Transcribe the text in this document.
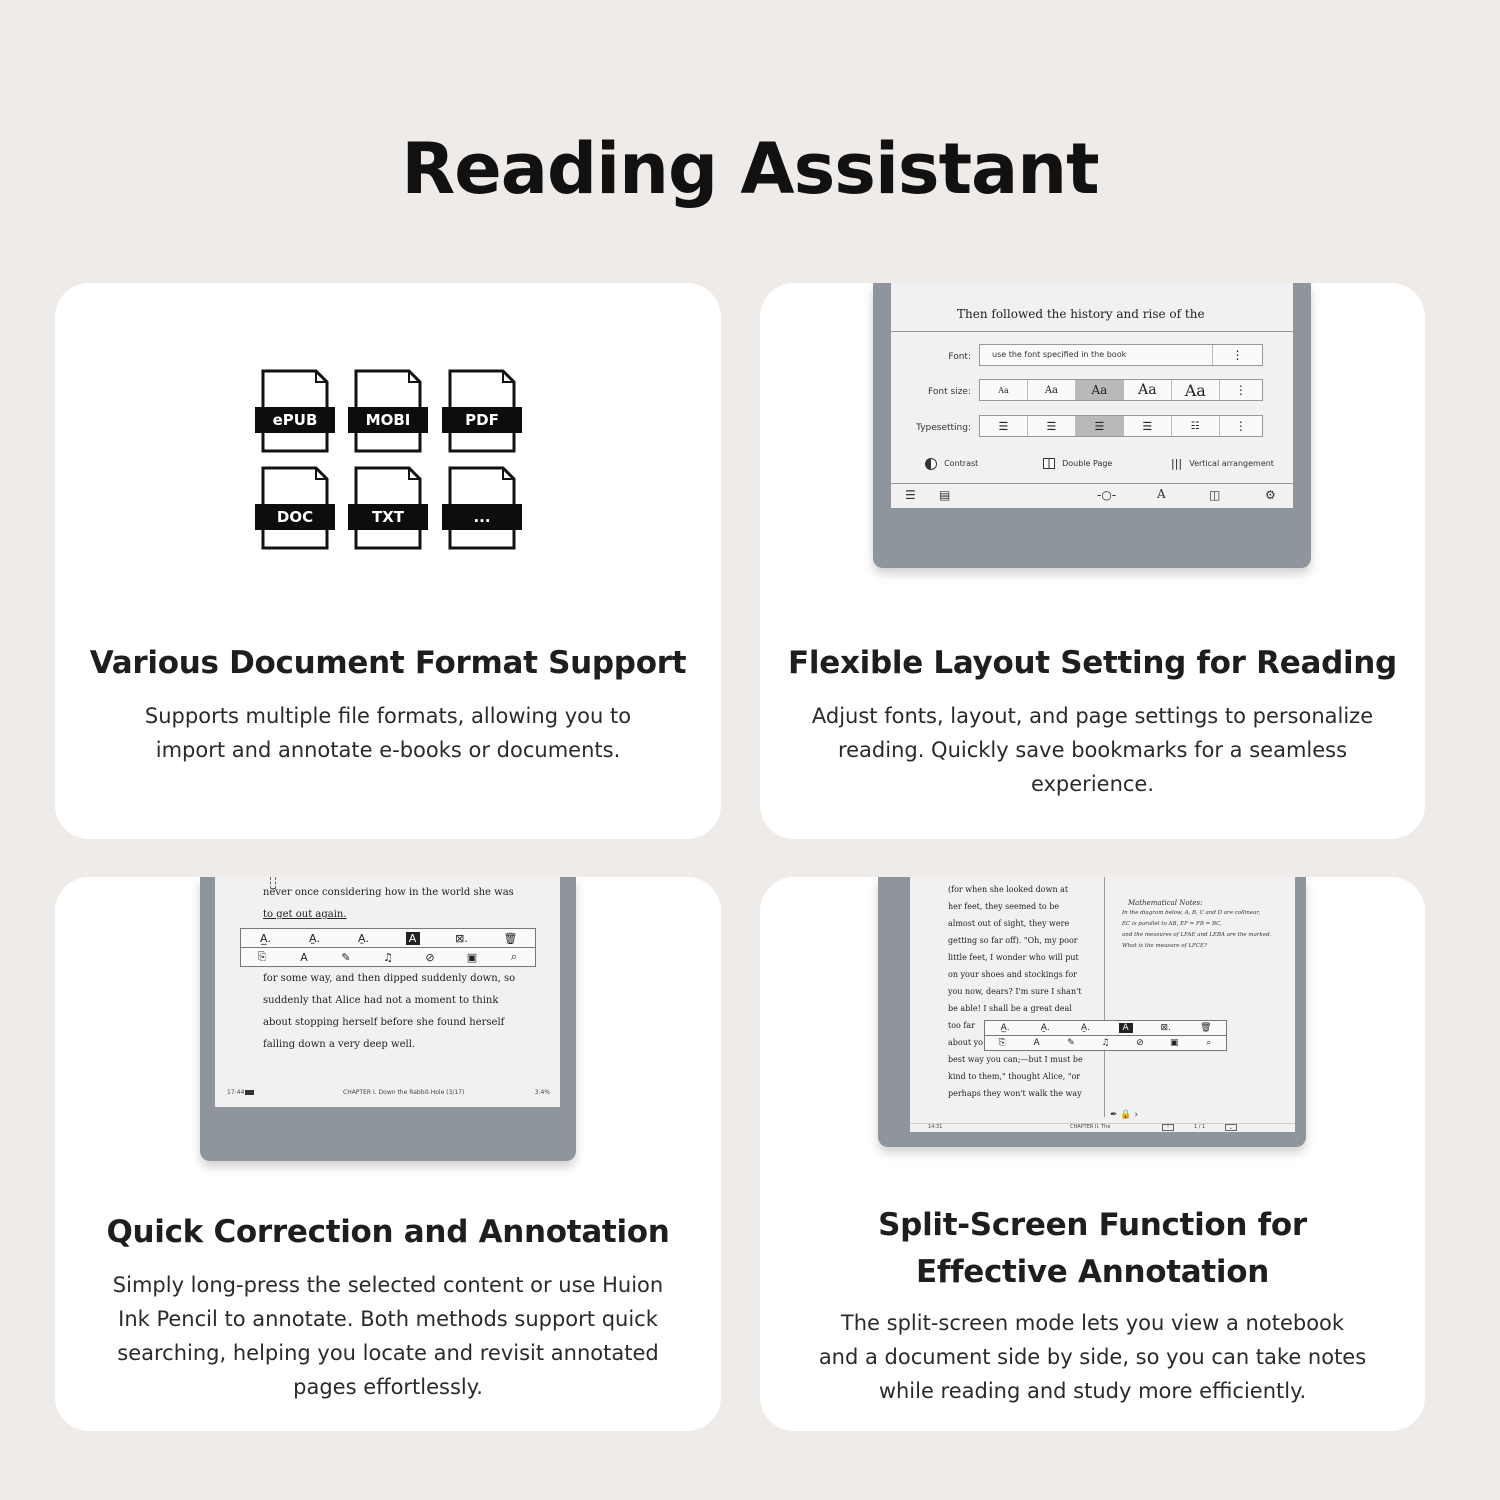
Reading Assistant
ePUB	MOBI	PDF
DOC	TXT	...
Various Document Format Support
Supports multiple file formats, allowing you to
import and annotate e-books or documents.
Then followed the history and rise of the
Font:	use the font specified in the book	⋮
Font size:	Aa	Aa	Aa	Aa	Aa	⋮
Typesetting:	☰	☰	☰	☰	☷	⋮
Contrast	Double Page	||| Vertical arrangement
☰ ▤	-○-	A	◫	⚙
Flexible Layout Setting for Reading
Adjust fonts, layout, and page settings to personalize
reading. Quickly save bookmarks for a seamless
experience.
never once considering how in the world she was
to get out again.
A̲.	A̰.	A̱.	A	⊠.	🗑
⎘	A	✎	♫	⊘	▣	⌕
for some way, and then dipped suddenly down, so
suddenly that Alice had not a moment to think
about stopping herself before she found herself
falling down a very deep well.
17:44	CHAPTER I. Down the Rabbit-Hole (3/17)	3.4%
Quick Correction and Annotation
Simply long-press the selected content or use Huion
Ink Pencil to annotate. Both methods support quick
searching, helping you locate and revisit annotated
pages effortlessly.
(for when she looked down at
her feet, they seemed to be
almost out of sight, they were
getting so far off). "Oh, my poor
little feet, I wonder who will put
on your shoes and stockings for
you now, dears? I'm sure I shan't
be able! I shall be a great deal
too far
about yo
best way you can;—but I must be
kind to them," thought Alice, "or
perhaps they won't walk the way
Mathematical Notes:
In the diagram below, A, B, C and D are collinear,
EC is parallel to AB, EF = FB = BC,
and the measures of LFAE and LEBA are the marked.
What is the measure of LFCE?
A̲.	A̰.	A̱.	A	⊠.	🗑
⎘	A	✎	♫	⊘	▣	⌕
✒ 🔒 ›
14:31	CHAPTER II. The	⌃	1 / 1	⌄
Split-Screen Function for
Effective Annotation
The split-screen mode lets you view a notebook
and a document side by side, so you can take notes
while reading and study more efficiently.
